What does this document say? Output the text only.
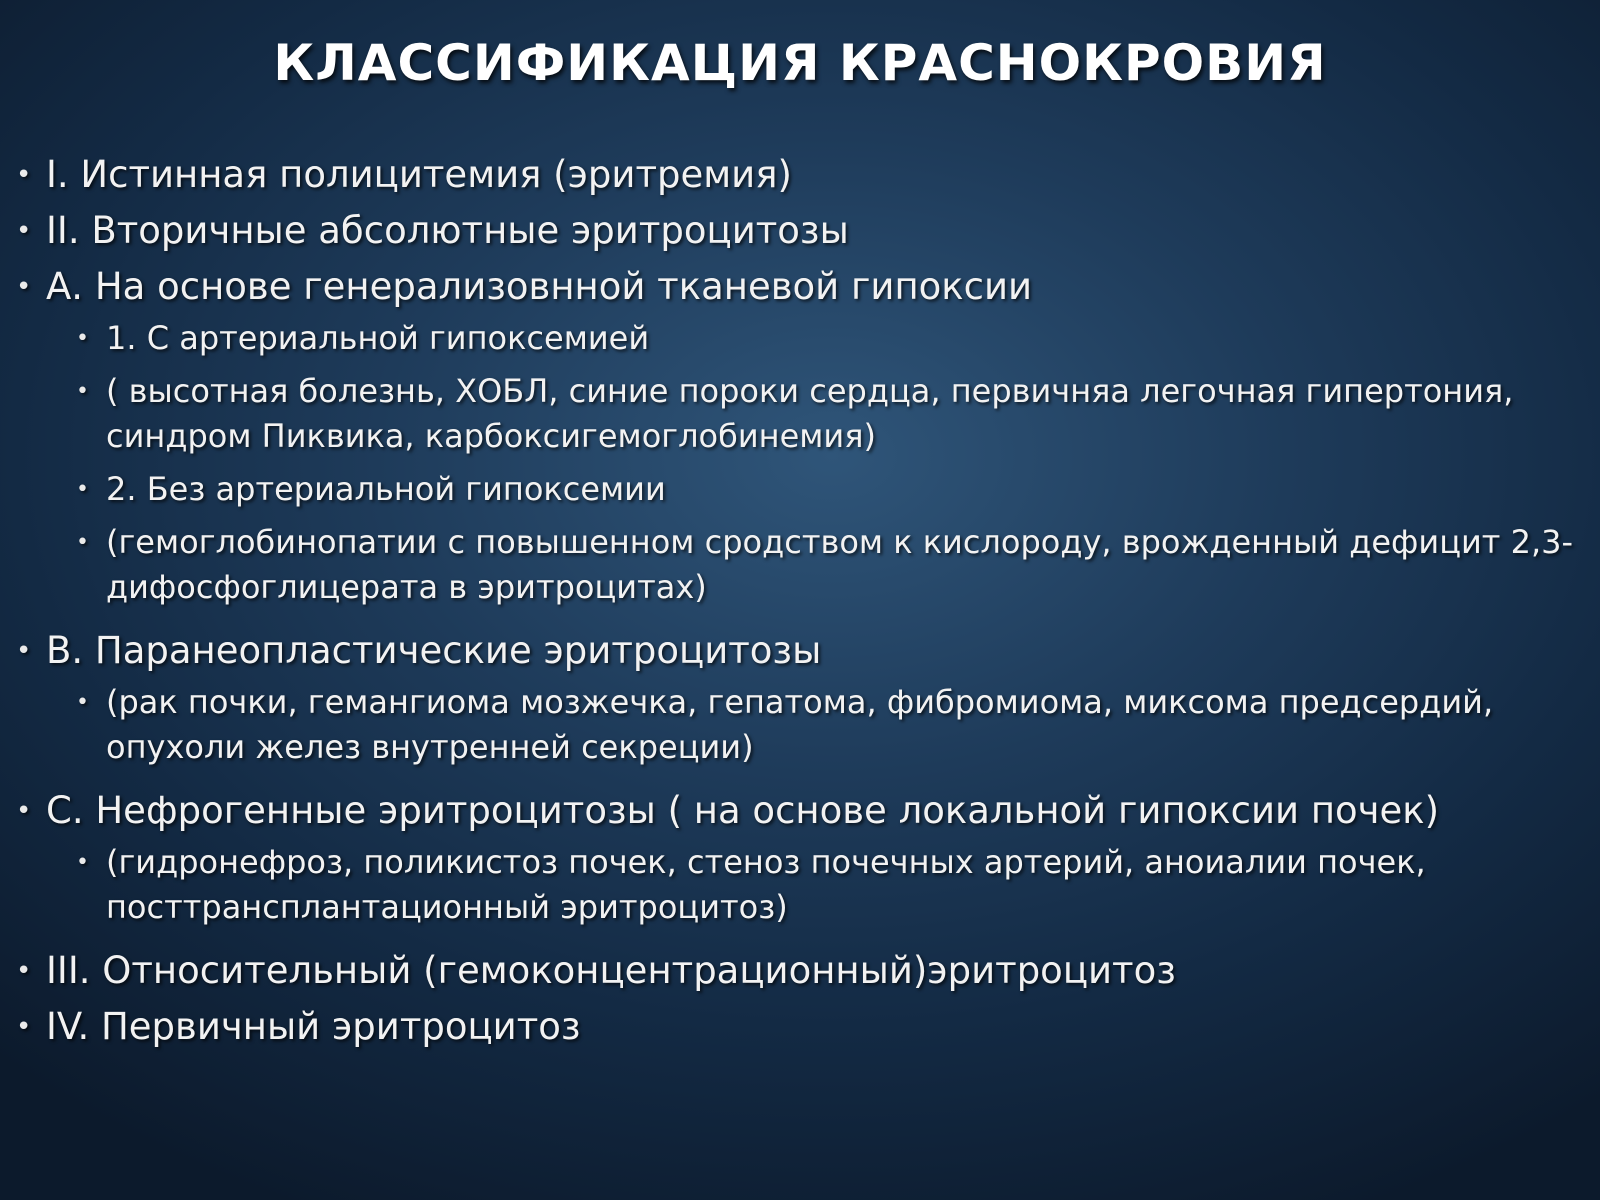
КЛАССИФИКАЦИЯ КРАСНОКРОВИЯ
• I. Истинная полицитемия (эритремия)
• II. Вторичные абсолютные эритроцитозы
• А. На основе генерализовнной тканевой гипоксии
• 1. С артериальной гипоксемией
• ( высотная болезнь, ХОБЛ, синие пороки сердца, первичняа легочная гипертония, синдром Пиквика, карбоксигемоглобинемия)
• 2. Без артериальной гипоксемии
• (гемоглобинопатии с повышенном сродством к кислороду, врожденный дефицит 2,3- дифосфоглицерата в эритроцитах)
• В. Паранеопластические эритроцитозы
• (рак почки, гемангиома мозжечка, гепатома, фибромиома, миксома предсердий, опухоли желез внутренней секреции)
• С. Нефрогенные эритроцитозы ( на основе локальной гипоксии почек)
• (гидронефроз, поликистоз почек, стеноз почечных артерий, аноиалии почек, посттрансплантационный эритроцитоз)
• III. Относительный (гемоконцентрационный)эритроцитоз
• IV. Первичный эритроцитоз
